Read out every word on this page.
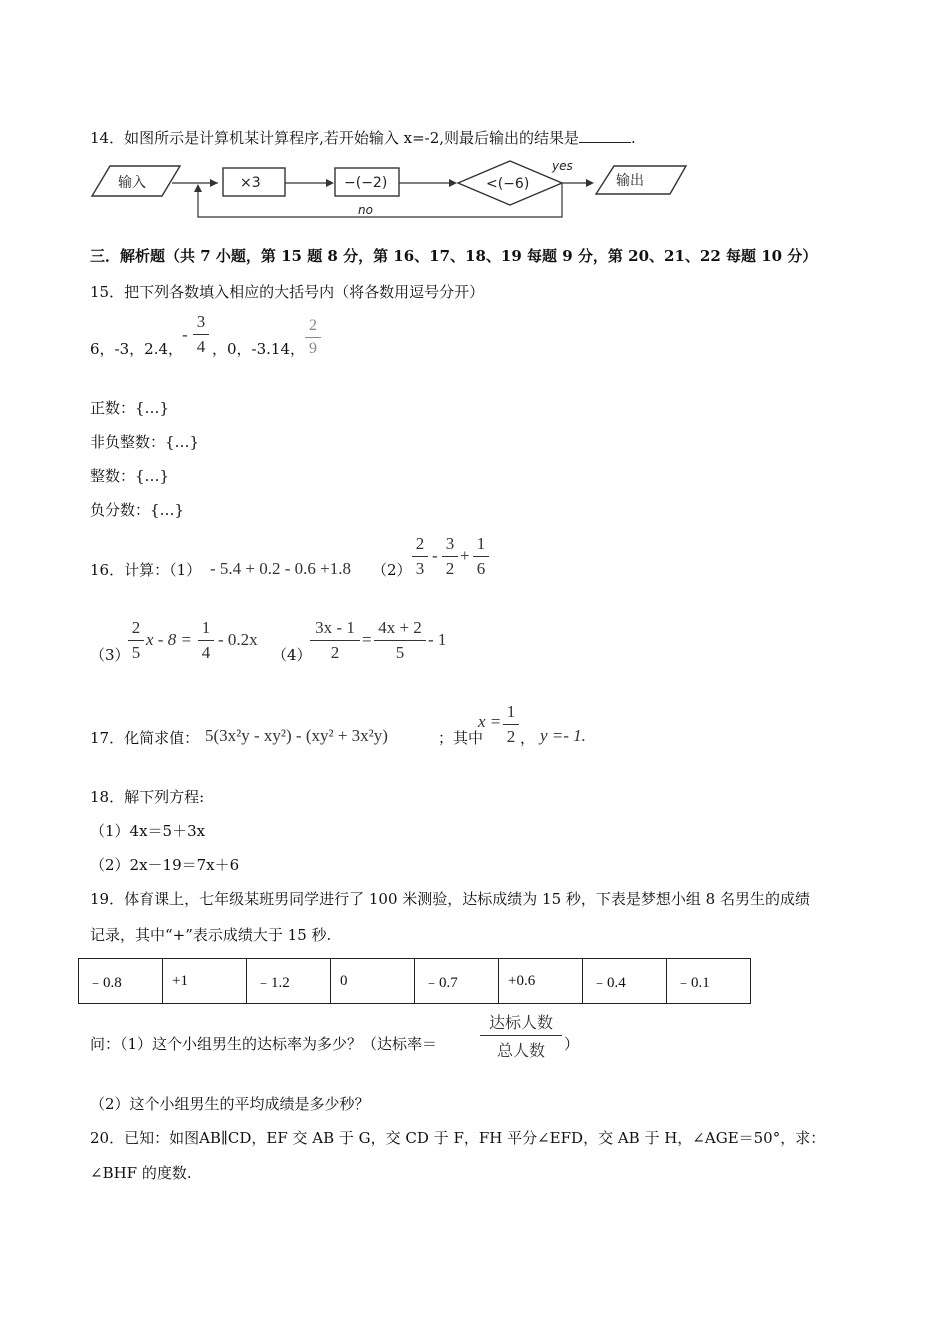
14．如图所示是计算机某计算程序,若开始输入 x=-2,则最后输出的结果是	.
输入	×3	−(−2)	<(−6)
yes
输出
no
三．解析题（共 7 小题，第 15 题 8 分，第 16、17、18、19 每题 9 分，第 20、21、22 每题 10 分）
15．把下列各数填入相应的大括号内（将各数用逗号分开）
6，-3，2.4，
-
3
4 ，0，-3.14，
2
9
正数：{…}
非负整数：{…}
整数：{…}
负分数：{…}
16．计算：（1） - 5.4 + 0.2 - 0.6 +1.8 （2）
2
3
-
3
2
+
1
6
（3）
2
5
x - 8 =
1
4
- 0.2x
（4）
3x - 1
2
=
4x + 2
5
- 1
17．化简求值： 5(3x²y - xy²) - (xy² + 3x²y)	；其中
x =
1
2 ， y =- 1.
18．解下列方程:
（1）4x＝5＋3x
（2）2x－19＝7x＋6
19．体育课上，七年级某班男同学进行了 100 米测验，达标成绩为 15 秒，下表是梦想小组 8 名男生的成绩
记录，其中“+”表示成绩大于 15 秒.
﹣0.8	+1	﹣1.2	0	﹣0.7	+0.6	﹣0.4	﹣0.1
问：（1）这个小组男生的达标率为多少？（达标率＝
达标人数
总人数	）
（2）这个小组男生的平均成绩是多少秒？
20．已知：如图AB∥CD，EF 交 AB 于 G，交 CD 于 F，FH 平分∠EFD，交 AB 于 H，∠AGE＝50°，求：
∠BHF 的度数.
